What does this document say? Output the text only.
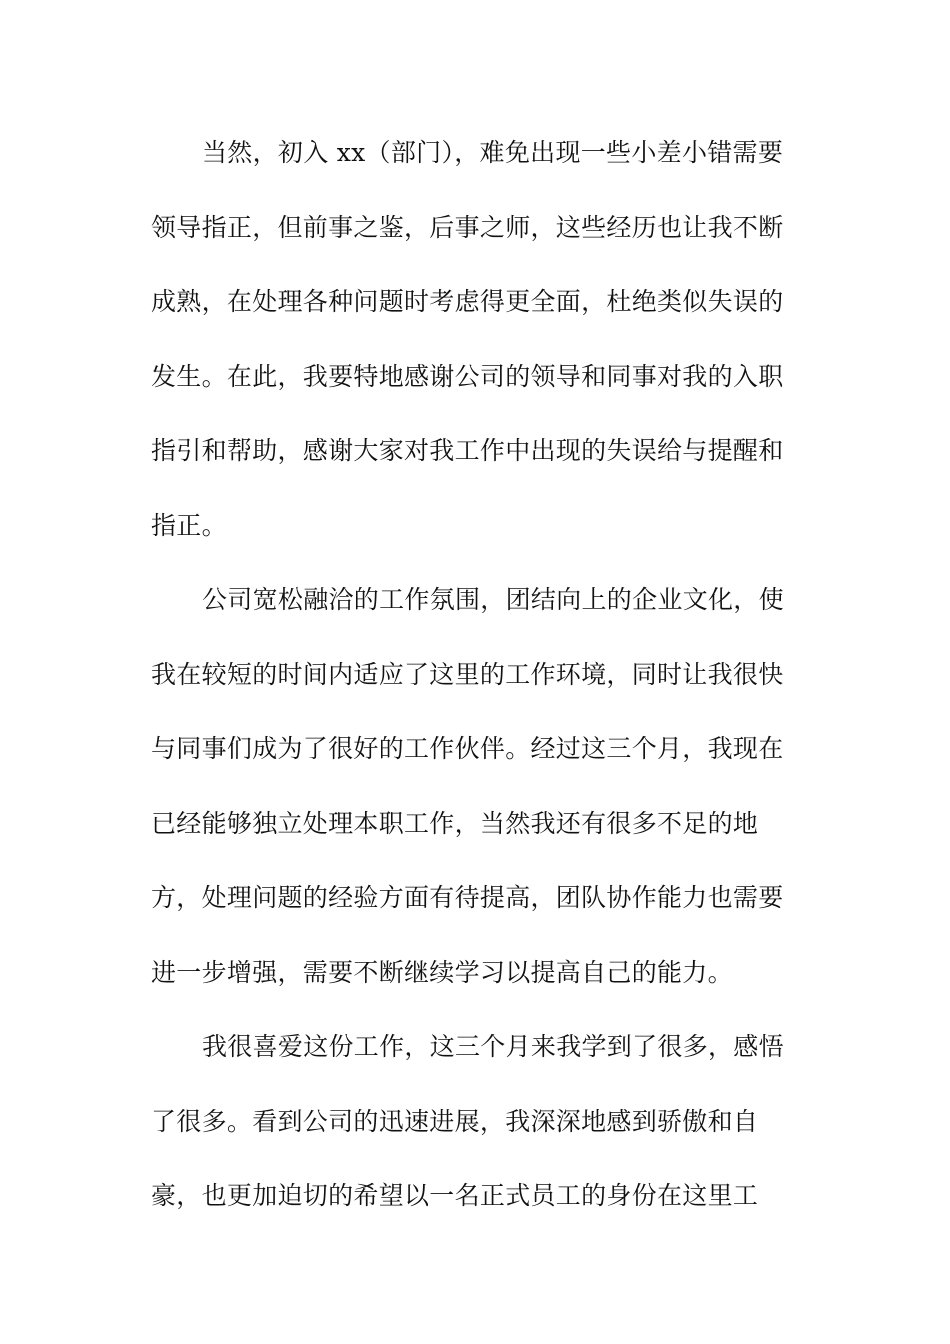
当然，初入 xx（部门），难免出现一些小差小错需要
领导指正，但前事之鉴，后事之师，这些经历也让我不断
成熟，在处理各种问题时考虑得更全面，杜绝类似失误的
发生。在此，我要特地感谢公司的领导和同事对我的入职
指引和帮助，感谢大家对我工作中出现的失误给与提醒和
指正。
公司宽松融洽的工作氛围，团结向上的企业文化，使
我在较短的时间内适应了这里的工作环境，同时让我很快
与同事们成为了很好的工作伙伴。经过这三个月，我现在
已经能够独立处理本职工作，当然我还有很多不足的地
方，处理问题的经验方面有待提高，团队协作能力也需要
进一步增强，需要不断继续学习以提高自己的能力。
我很喜爱这份工作，这三个月来我学到了很多，感悟
了很多。看到公司的迅速进展，我深深地感到骄傲和自
豪，也更加迫切的希望以一名正式员工的身份在这里工
